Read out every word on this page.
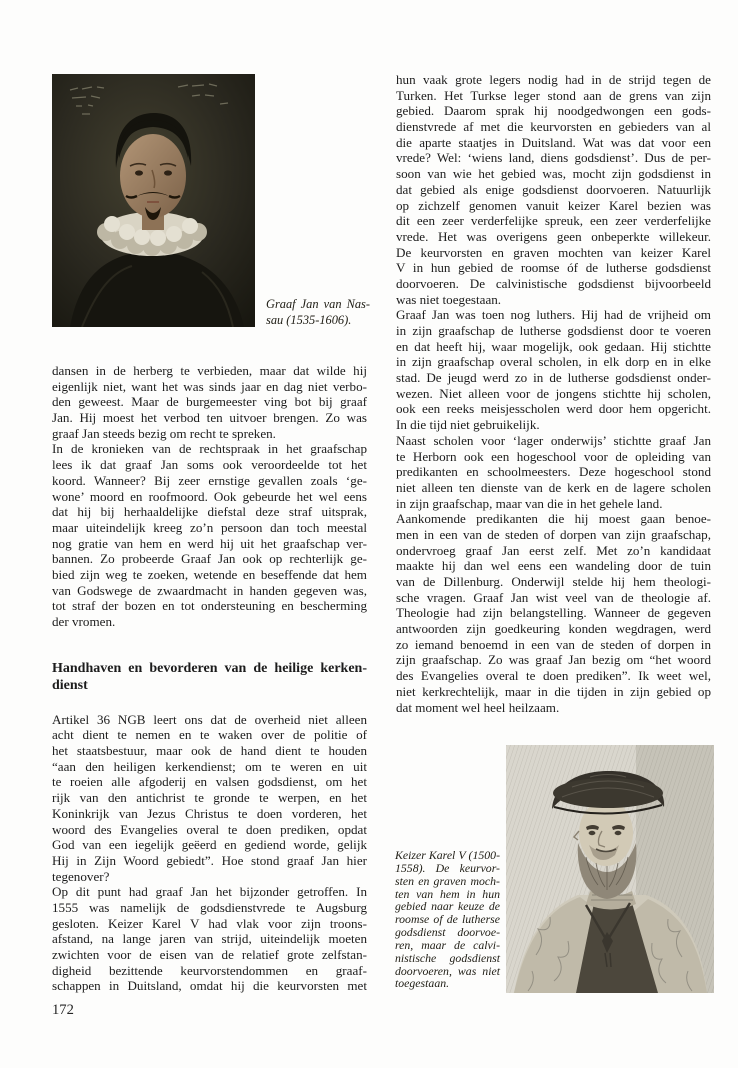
Graaf Jan van Nas-
sau (1535-1606).
dansen in de herberg te verbieden, maar dat wilde hij
eigenlijk niet, want het was sinds jaar en dag niet verbo-
den geweest. Maar de burgemeester ving bot bij graaf
Jan. Hij moest het verbod ten uitvoer brengen. Zo was
graaf Jan steeds bezig om recht te spreken.
In de kronieken van de rechtspraak in het graafschap
lees ik dat graaf Jan soms ook veroordeelde tot het
koord. Wanneer? Bij zeer ernstige gevallen zoals ‘ge-
wone’ moord en roofmoord. Ook gebeurde het wel eens
dat hij bij herhaaldelijke diefstal deze straf uitsprak,
maar uiteindelijk kreeg zo’n persoon dan toch meestal
nog gratie van hem en werd hij uit het graafschap ver-
bannen. Zo probeerde Graaf Jan ook op rechterlijk ge-
bied zijn weg te zoeken, wetende en beseffende dat hem
van Godswege de zwaardmacht in handen gegeven was,
tot straf der bozen en tot ondersteuning en bescherming
der vromen.
Handhaven en bevorderen van de heilige kerken-
dienst
Artikel 36 NGB leert ons dat de overheid niet alleen
acht dient te nemen en te waken over de politie of
het staatsbestuur, maar ook de hand dient te houden
“aan den heiligen kerkendienst; om te weren en uit
te roeien alle afgoderij en valsen godsdienst, om het
rijk van den antichrist te gronde te werpen, en het
Koninkrijk van Jezus Christus te doen vorderen, het
woord des Evangelies overal te doen prediken, opdat
God van een iegelijk geëerd en gediend worde, gelijk
Hij in Zijn Woord gebiedt”. Hoe stond graaf Jan hier
tegenover?
Op dit punt had graaf Jan het bijzonder getroffen. In
1555 was namelijk de godsdienstvrede te Augsburg
gesloten. Keizer Karel V had vlak voor zijn troons-
afstand, na lange jaren van strijd, uiteindelijk moeten
zwichten voor de eisen van de relatief grote zelfstan-
digheid bezittende keurvorstendommen en graaf-
schappen in Duitsland, omdat hij die keurvorsten met
hun vaak grote legers nodig had in de strijd tegen de
Turken. Het Turkse leger stond aan de grens van zijn
gebied. Daarom sprak hij noodgedwongen een gods-
dienstvrede af met die keurvorsten en gebieders van al
die aparte staatjes in Duitsland. Wat was dat voor een
vrede? Wel: ‘wiens land, diens godsdienst’. Dus de per-
soon van wie het gebied was, mocht zijn godsdienst in
dat gebied als enige godsdienst doorvoeren. Natuurlijk
op zichzelf genomen vanuit keizer Karel bezien was
dit een zeer verderfelijke spreuk, een zeer verderfelijke
vrede. Het was overigens geen onbeperkte willekeur.
De keurvorsten en graven mochten van keizer Karel
V in hun gebied de roomse óf de lutherse godsdienst
doorvoeren. De calvinistische godsdienst bijvoorbeeld
was niet toegestaan.
Graaf Jan was toen nog luthers. Hij had de vrijheid om
in zijn graafschap de lutherse godsdienst door te voeren
en dat heeft hij, waar mogelijk, ook gedaan. Hij stichtte
in zijn graafschap overal scholen, in elk dorp en in elke
stad. De jeugd werd zo in de lutherse godsdienst onder-
wezen. Niet alleen voor de jongens stichtte hij scholen,
ook een reeks meisjesscholen werd door hem opgericht.
In die tijd niet gebruikelijk.
Naast scholen voor ‘lager onderwijs’ stichtte graaf Jan
te Herborn ook een hogeschool voor de opleiding van
predikanten en schoolmeesters. Deze hogeschool stond
niet alleen ten dienste van de kerk en de lagere scholen
in zijn graafschap, maar van die in het gehele land.
Aankomende predikanten die hij moest gaan benoe-
men in een van de steden of dorpen van zijn graafschap,
ondervroeg graaf Jan eerst zelf. Met zo’n kandidaat
maakte hij dan wel eens een wandeling door de tuin
van de Dillenburg. Onderwijl stelde hij hem theologi-
sche vragen. Graaf Jan wist veel van de theologie af.
Theologie had zijn belangstelling. Wanneer de gegeven
antwoorden zijn goedkeuring konden wegdragen, werd
zo iemand benoemd in een van de steden of dorpen in
zijn graafschap. Zo was graaf Jan bezig om “het woord
des Evangelies overal te doen prediken”. Ik weet wel,
niet kerkrechtelijk, maar in die tijden in zijn gebied op
dat moment wel heel heilzaam.
Keizer Karel V (1500-
1558). De keurvor-
sten en graven moch-
ten van hem in hun
gebied naar keuze de
roomse of de lutherse
godsdienst doorvoe-
ren, maar de calvi-
nistische godsdienst
doorvoeren, was niet
toegestaan.
172
